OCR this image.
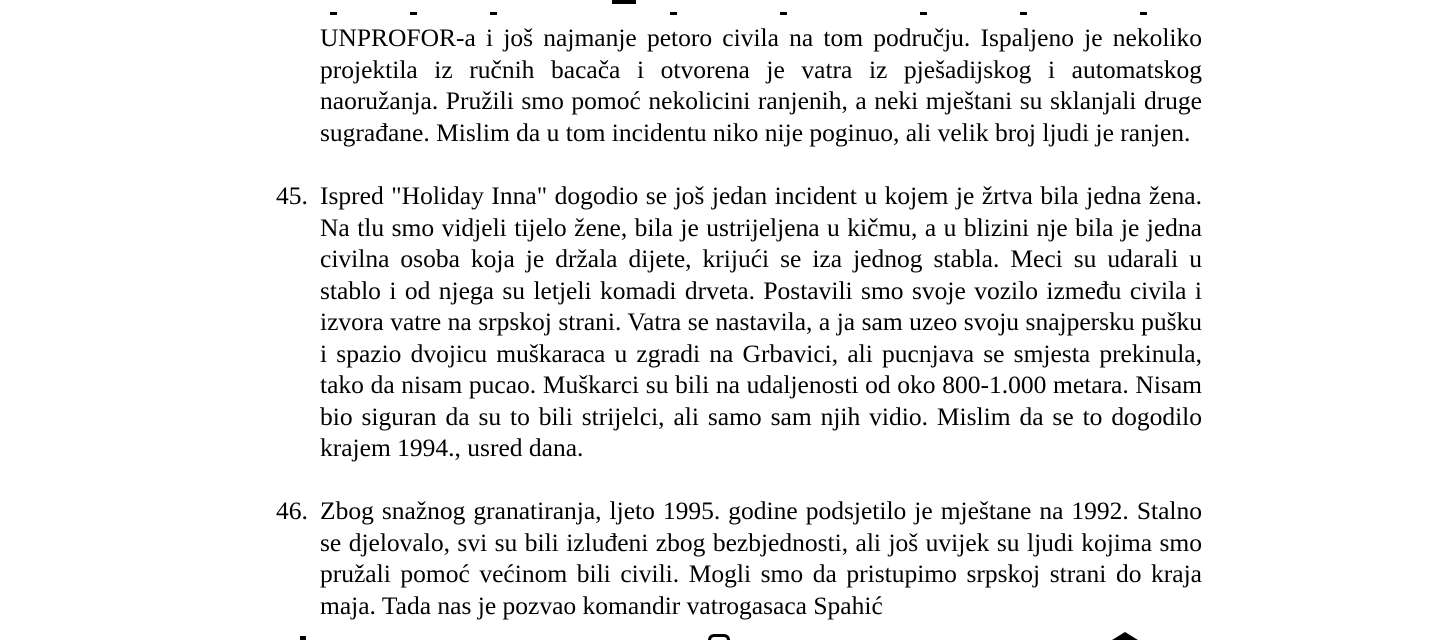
UNPROFOR-a i još najmanje petoro civila na tom području. Ispaljeno je nekoliko projektila iz ručnih bacača i otvorena je vatra iz pješadijskog i automatskog naoružanja. Pružili smo pomoć nekolicini ranjenih, a neki mještani su sklanjali druge sugrađane. Mislim da u tom incidentu niko nije poginuo, ali velik broj ljudi je ranjen.

45. Ispred "Holiday Inna" dogodio se još jedan incident u kojem je žrtva bila jedna žena. Na tlu smo vidjeli tijelo žene, bila je ustrijeljena u kičmu, a u blizini nje bila je jedna civilna osoba koja je držala dijete, krijući se iza jednog stabla. Meci su udarali u stablo i od njega su letjeli komadi drveta. Postavili smo svoje vozilo između civila i izvora vatre na srpskoj strani. Vatra se nastavila, a ja sam uzeo svoju snajpersku pušku i spazio dvojicu muškaraca u zgradi na Grbavici, ali pucnjava se smjesta prekinula, tako da nisam pucao. Muškarci su bili na udaljenosti od oko 800-1.000 metara. Nisam bio siguran da su to bili strijelci, ali samo sam njih vidio. Mislim da se to dogodilo krajem 1994., usred dana.

46. Zbog snažnog granatiranja, ljeto 1995. godine podsjetilo je mještane na 1992. Stalno se djelovalo, svi su bili izluđeni zbog bezbjednosti, ali još uvijek su ljudi kojima smo pružali pomoć većinom bili civili. Mogli smo da pristupimo srpskoj strani do kraja maja. Tada nas je pozvao komandir vatrogasaca Spahić
